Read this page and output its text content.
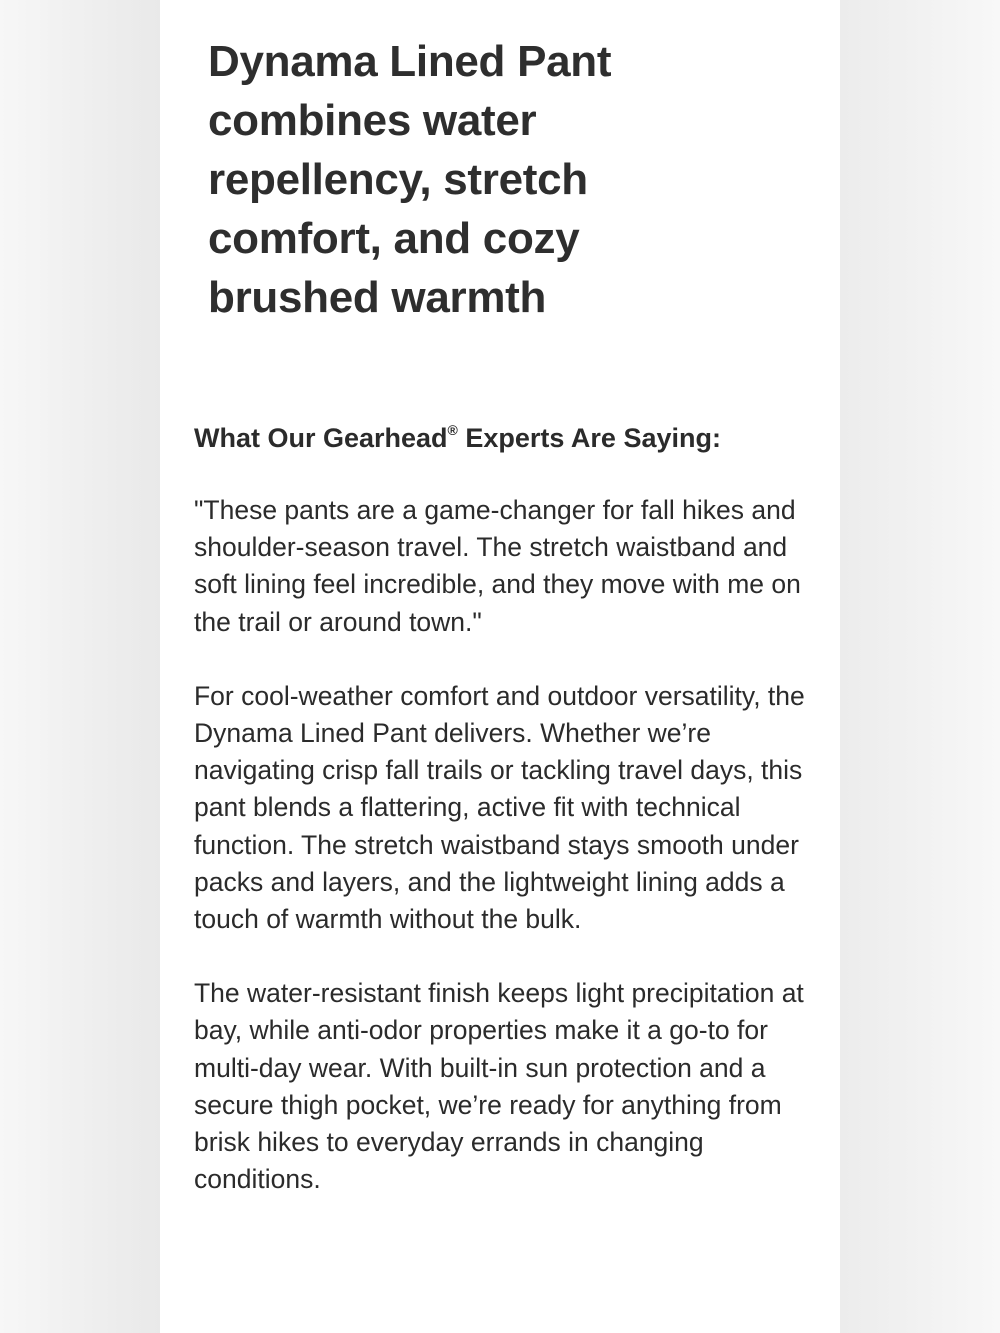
Dynama Lined Pant combines water repellency, stretch comfort, and cozy brushed warmth
What Our Gearhead® Experts Are Saying:

"These pants are a game-changer for fall hikes and shoulder-season travel. The stretch waistband and soft lining feel incredible, and they move with me on the trail or around town."

For cool-weather comfort and outdoor versatility, the Dynama Lined Pant delivers. Whether we’re navigating crisp fall trails or tackling travel days, this pant blends a flattering, active fit with technical function. The stretch waistband stays smooth under packs and layers, and the lightweight lining adds a touch of warmth without the bulk.

The water-resistant finish keeps light precipitation at bay, while anti-odor properties make it a go-to for multi-day wear. With built-in sun protection and a secure thigh pocket, we’re ready for anything from brisk hikes to everyday errands in changing conditions.
